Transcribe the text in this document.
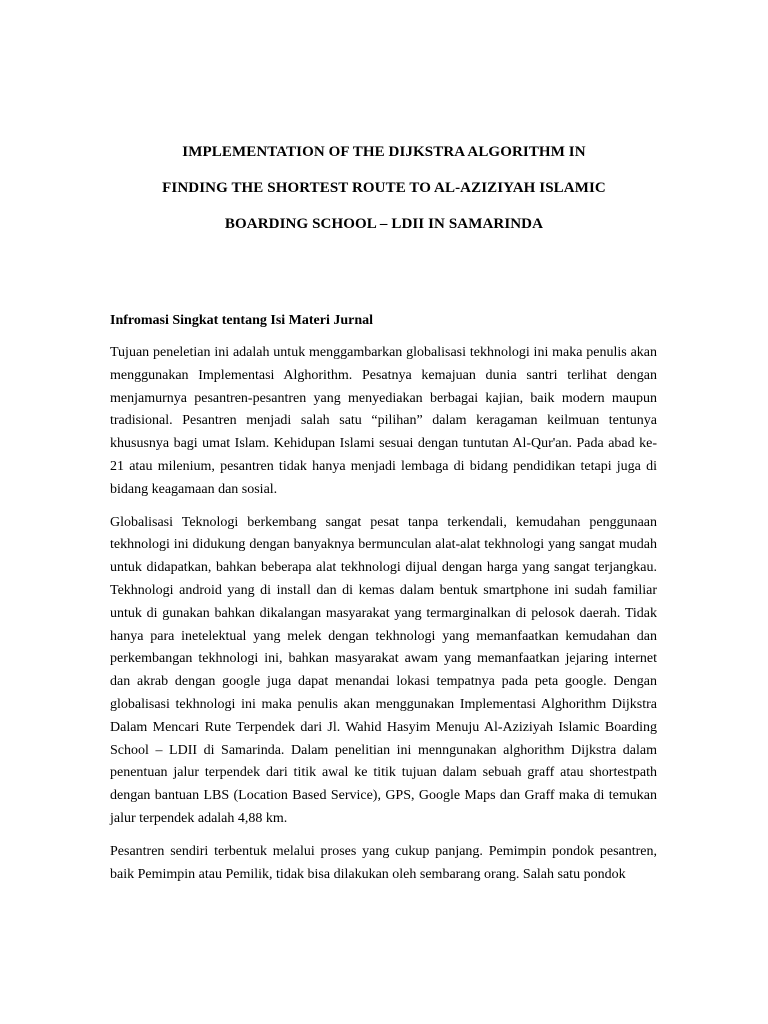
IMPLEMENTATION OF THE DIJKSTRA ALGORITHM IN
FINDING THE SHORTEST ROUTE TO AL-AZIZIYAH ISLAMIC
BOARDING SCHOOL – LDII IN SAMARINDA
Infromasi Singkat tentang Isi Materi Jurnal

Tujuan peneletian ini adalah untuk menggambarkan globalisasi tekhnologi ini maka penulis akan menggunakan Implementasi Alghorithm. Pesatnya kemajuan dunia santri terlihat dengan menjamurnya pesantren-pesantren yang menyediakan berbagai kajian, baik modern maupun tradisional. Pesantren menjadi salah satu “pilihan” dalam keragaman keilmuan tentunya khususnya bagi umat Islam. Kehidupan Islami sesuai dengan tuntutan Al-Qur'an. Pada abad ke-21 atau milenium, pesantren tidak hanya menjadi lembaga di bidang pendidikan tetapi juga di bidang keagamaan dan sosial.

Globalisasi Teknologi berkembang sangat pesat tanpa terkendali, kemudahan penggunaan tekhnologi ini didukung dengan banyaknya bermunculan alat-alat tekhnologi yang sangat mudah untuk didapatkan, bahkan beberapa alat tekhnologi dijual dengan harga yang sangat terjangkau. Tekhnologi android yang di install dan di kemas dalam bentuk smartphone ini sudah familiar untuk di gunakan bahkan dikalangan masyarakat yang termarginalkan di pelosok daerah. Tidak hanya para inetelektual yang melek dengan tekhnologi yang memanfaatkan kemudahan dan perkembangan tekhnologi ini, bahkan masyarakat awam yang memanfaatkan jejaring internet dan akrab dengan google juga dapat menandai lokasi tempatnya pada peta google. Dengan globalisasi tekhnologi ini maka penulis akan menggunakan Implementasi Alghorithm Dijkstra Dalam Mencari Rute Terpendek dari Jl. Wahid Hasyim Menuju Al-Aziziyah Islamic Boarding School – LDII di Samarinda. Dalam penelitian ini menngunakan alghorithm Dijkstra dalam penentuan jalur terpendek dari titik awal ke titik tujuan dalam sebuah graff atau shortestpath dengan bantuan LBS (Location Based Service), GPS, Google Maps dan Graff maka di temukan jalur terpendek adalah 4,88 km.

Pesantren sendiri terbentuk melalui proses yang cukup panjang. Pemimpin pondok pesantren, baik Pemimpin atau Pemilik, tidak bisa dilakukan oleh sembarang orang. Salah satu pondok
